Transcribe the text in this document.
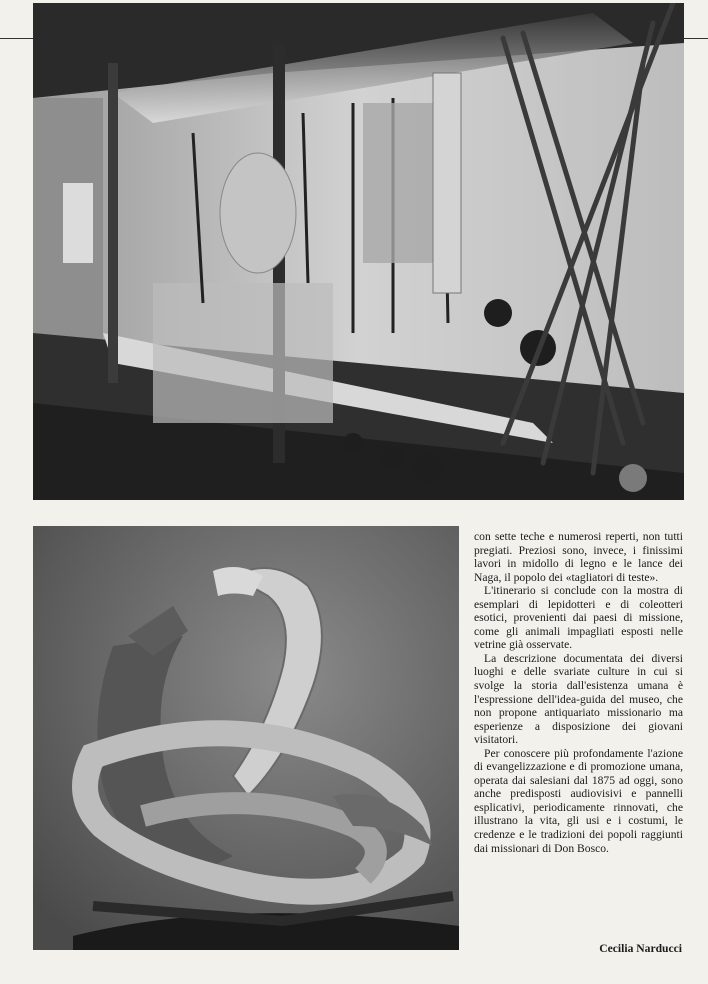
con sette teche e numerosi reperti, non tutti pregiati. Preziosi sono, invece, i finissimi lavori in midollo di legno e le lance dei Naga, il popolo dei «tagliatori di teste».

L'itinerario si conclude con la mostra di esemplari di lepidotteri e di coleotteri esotici, provenienti dai paesi di missione, come gli animali impagliati esposti nelle vetrine già osservate.

La descrizione documentata dei diversi luoghi e delle svariate culture in cui si svolge la storia dall'esistenza umana è l'espressione dell'idea-guida del museo, che non propone antiquariato missionario ma esperienze a disposizione dei giovani visitatori.

Per conoscere più profondamente l'azione di evangelizzazione e di promozione umana, operata dai salesiani dal 1875 ad oggi, sono anche predisposti audiovisivi e pannelli esplicativi, periodicamente rinnovati, che illustrano la vita, gli usi e i costumi, le credenze e le tradizioni dei popoli raggiunti dai missionari di Don Bosco.

Cecilia Narducci
